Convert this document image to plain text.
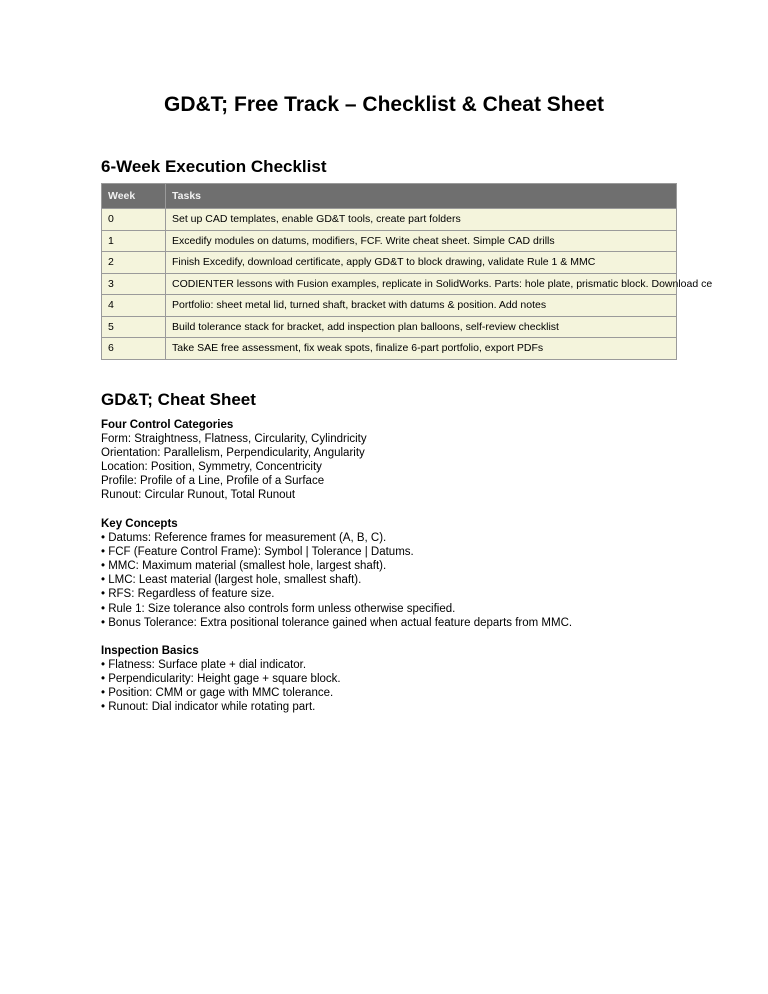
GD&T; Free Track – Checklist & Cheat Sheet
6-Week Execution Checklist
Week	Tasks
0	Set up CAD templates, enable GD&T tools, create part folders
1	Excedify modules on datums, modifiers, FCF. Write cheat sheet. Simple CAD drills
2	Finish Excedify, download certificate, apply GD&T to block drawing, validate Rule 1 & MMC
3	CODIENTER lessons with Fusion examples, replicate in SolidWorks. Parts: hole plate, prismatic block. Download ce
4	Portfolio: sheet metal lid, turned shaft, bracket with datums & position. Add notes
5	Build tolerance stack for bracket, add inspection plan balloons, self-review checklist
6	Take SAE free assessment, fix weak spots, finalize 6-part portfolio, export PDFs
GD&T; Cheat Sheet

Four Control Categories

Form: Straightness, Flatness, Circularity, Cylindricity

Orientation: Parallelism, Perpendicularity, Angularity

Location: Position, Symmetry, Concentricity

Profile: Profile of a Line, Profile of a Surface

Runout: Circular Runout, Total Runout

Key Concepts

• Datums: Reference frames for measurement (A, B, C).

• FCF (Feature Control Frame): Symbol | Tolerance | Datums.

• MMC: Maximum material (smallest hole, largest shaft).

• LMC: Least material (largest hole, smallest shaft).

• RFS: Regardless of feature size.

• Rule 1: Size tolerance also controls form unless otherwise specified.

• Bonus Tolerance: Extra positional tolerance gained when actual feature departs from MMC.

Inspection Basics

• Flatness: Surface plate + dial indicator.

• Perpendicularity: Height gage + square block.

• Position: CMM or gage with MMC tolerance.

• Runout: Dial indicator while rotating part.
